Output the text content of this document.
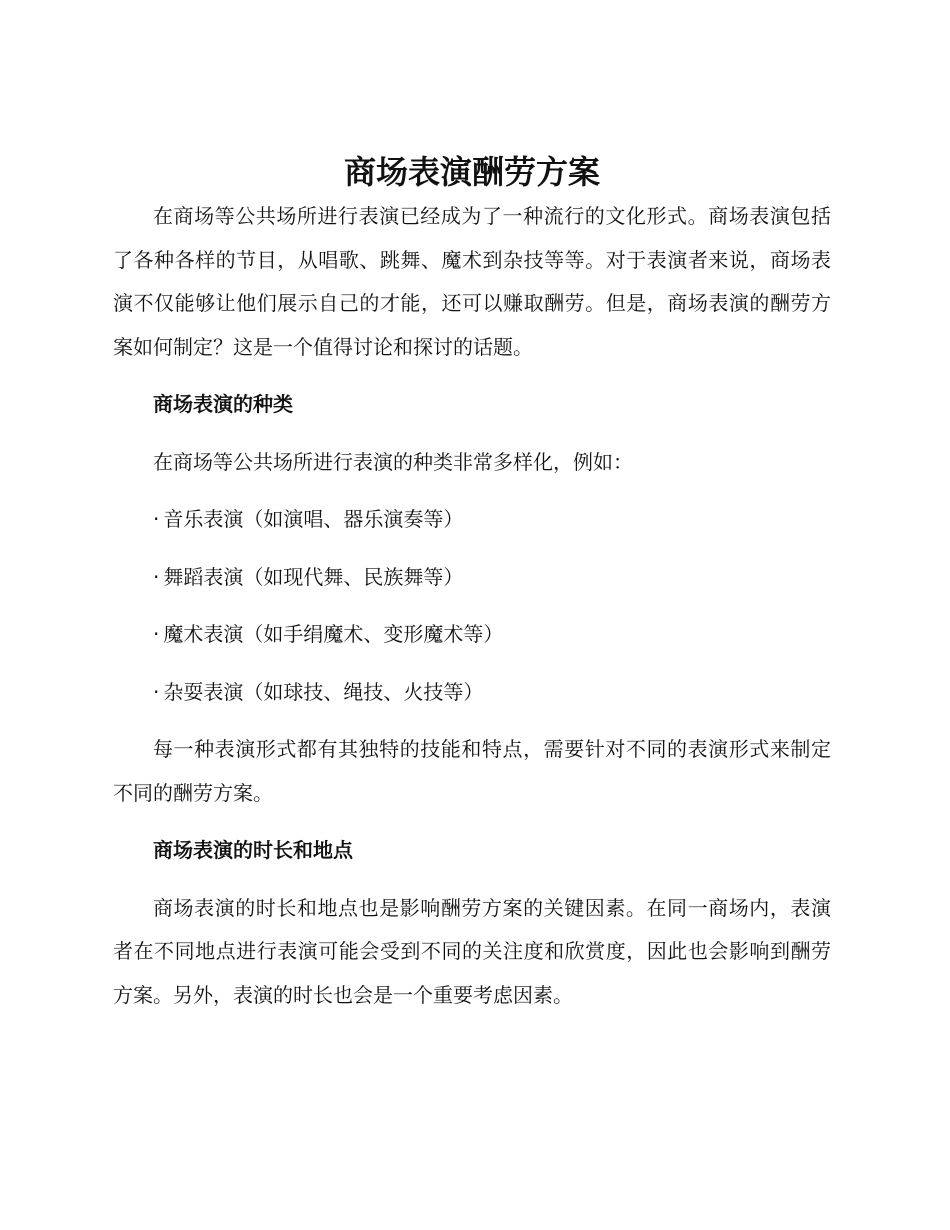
商场表演酬劳方案

在商场等公共场所进行表演已经成为了一种流行的文化形式。商场表演包括了各种各样的节目，从唱歌、跳舞、魔术到杂技等等。对于表演者来说，商场表演不仅能够让他们展示自己的才能，还可以赚取酬劳。但是，商场表演的酬劳方案如何制定？这是一个值得讨论和探讨的话题。

商场表演的种类

在商场等公共场所进行表演的种类非常多样化，例如：

· 音乐表演（如演唱、器乐演奏等）
· 舞蹈表演（如现代舞、民族舞等）
· 魔术表演（如手绢魔术、变形魔术等）
· 杂耍表演（如球技、绳技、火技等）

每一种表演形式都有其独特的技能和特点，需要针对不同的表演形式来制定不同的酬劳方案。

商场表演的时长和地点

商场表演的时长和地点也是影响酬劳方案的关键因素。在同一商场内，表演者在不同地点进行表演可能会受到不同的关注度和欣赏度，因此也会影响到酬劳方案。另外，表演的时长也会是一个重要考虑因素。
